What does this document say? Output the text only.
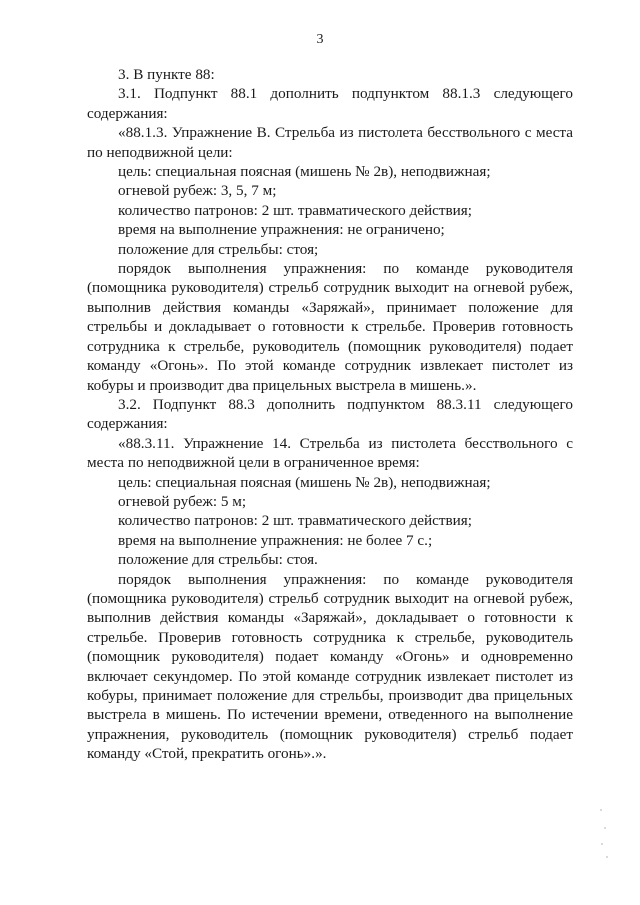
3

3. В пункте 88:

3.1. Подпункт 88.1 дополнить подпунктом 88.1.3 следующего содержания:

«88.1.3. Упражнение В. Стрельба из пистолета бесствольного с места по неподвижной цели:

цель: специальная поясная (мишень № 2в), неподвижная;

огневой рубеж: 3, 5, 7 м;

количество патронов: 2 шт. травматического действия;

время на выполнение упражнения: не ограничено;

положение для стрельбы: стоя;

порядок выполнения упражнения: по команде руководителя (помощника руководителя) стрельб сотрудник выходит на огневой рубеж, выполнив действия команды «Заряжай», принимает положение для стрельбы и докладывает о готовности к стрельбе. Проверив готовность сотрудника к стрельбе, руководитель (помощник руководителя) подает команду «Огонь». По этой команде сотрудник извлекает пистолет из кобуры и производит два прицельных выстрела в мишень.».

3.2. Подпункт 88.3 дополнить подпунктом 88.3.11 следующего содержания:

«88.3.11. Упражнение 14. Стрельба из пистолета бесствольного с места по неподвижной цели в ограниченное время:

цель: специальная поясная (мишень № 2в), неподвижная;

огневой рубеж: 5 м;

количество патронов: 2 шт. травматического действия;

время на выполнение упражнения: не более 7 с.;

положение для стрельбы: стоя.

порядок выполнения упражнения: по команде руководителя (помощника руководителя) стрельб сотрудник выходит на огневой рубеж, выполнив действия команды «Заряжай», докладывает о готовности к стрельбе. Проверив готовность сотрудника к стрельбе, руководитель (помощник руководителя) подает команду «Огонь» и одновременно включает секундомер. По этой команде сотрудник извлекает пистолет из кобуры, принимает положение для стрельбы, производит два прицельных выстрела в мишень. По истечении времени, отведенного на выполнение упражнения, руководитель (помощник руководителя) стрельб подает команду «Стой, прекратить огонь».».
